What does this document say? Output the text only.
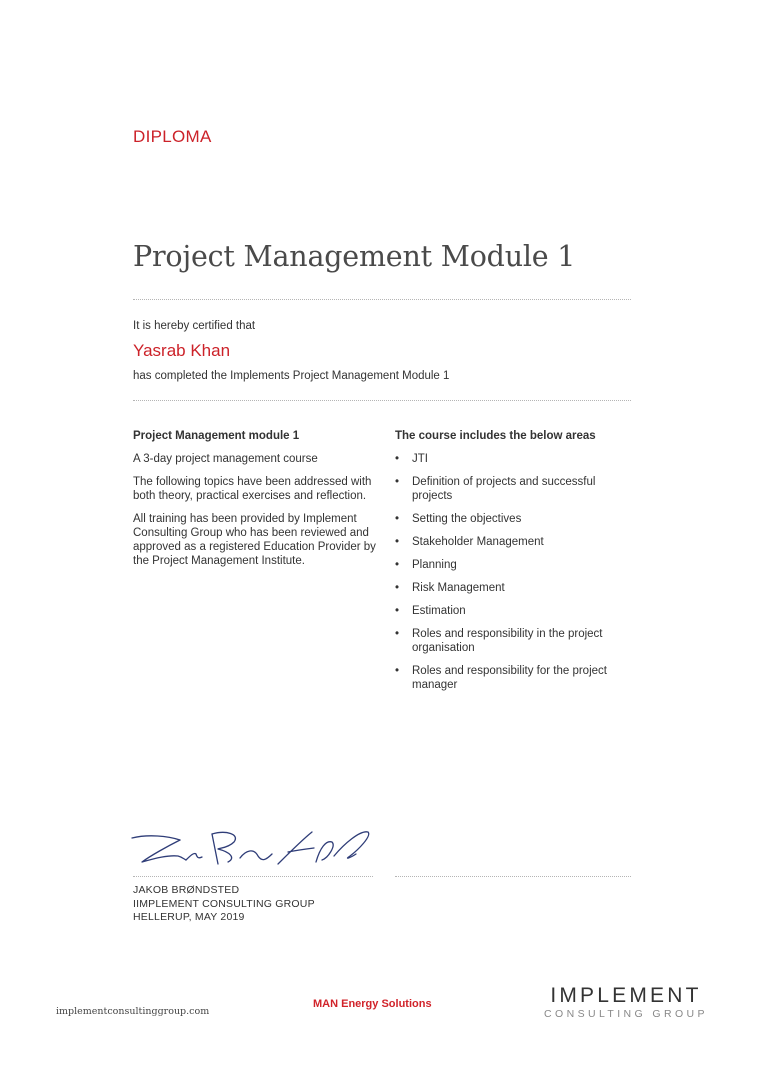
DIPLOMA
Project Management Module 1
It is hereby certified that
Yasrab Khan
has completed the Implements Project Management Module 1

Project Management module 1

A 3-day project management course

The following topics have been addressed with both theory, practical exercises and reflection.

All training has been provided by Implement Consulting Group who has been reviewed and approved as a registered Education Provider by the Project Management Institute.

The course includes the below areas

• JTI
• Definition of projects and successful projects
• Setting the objectives
• Stakeholder Management
• Planning
• Risk Management
• Estimation
• Roles and responsibility in the project organisation
• Roles and responsibility for the project manager
JAKOB BRØNDSTED
IIMPLEMENT CONSULTING GROUP
HELLERUP, MAY 2019
implementconsultinggroup.com
MAN Energy Solutions	IMPLEMENT
CONSULTING GROUP
